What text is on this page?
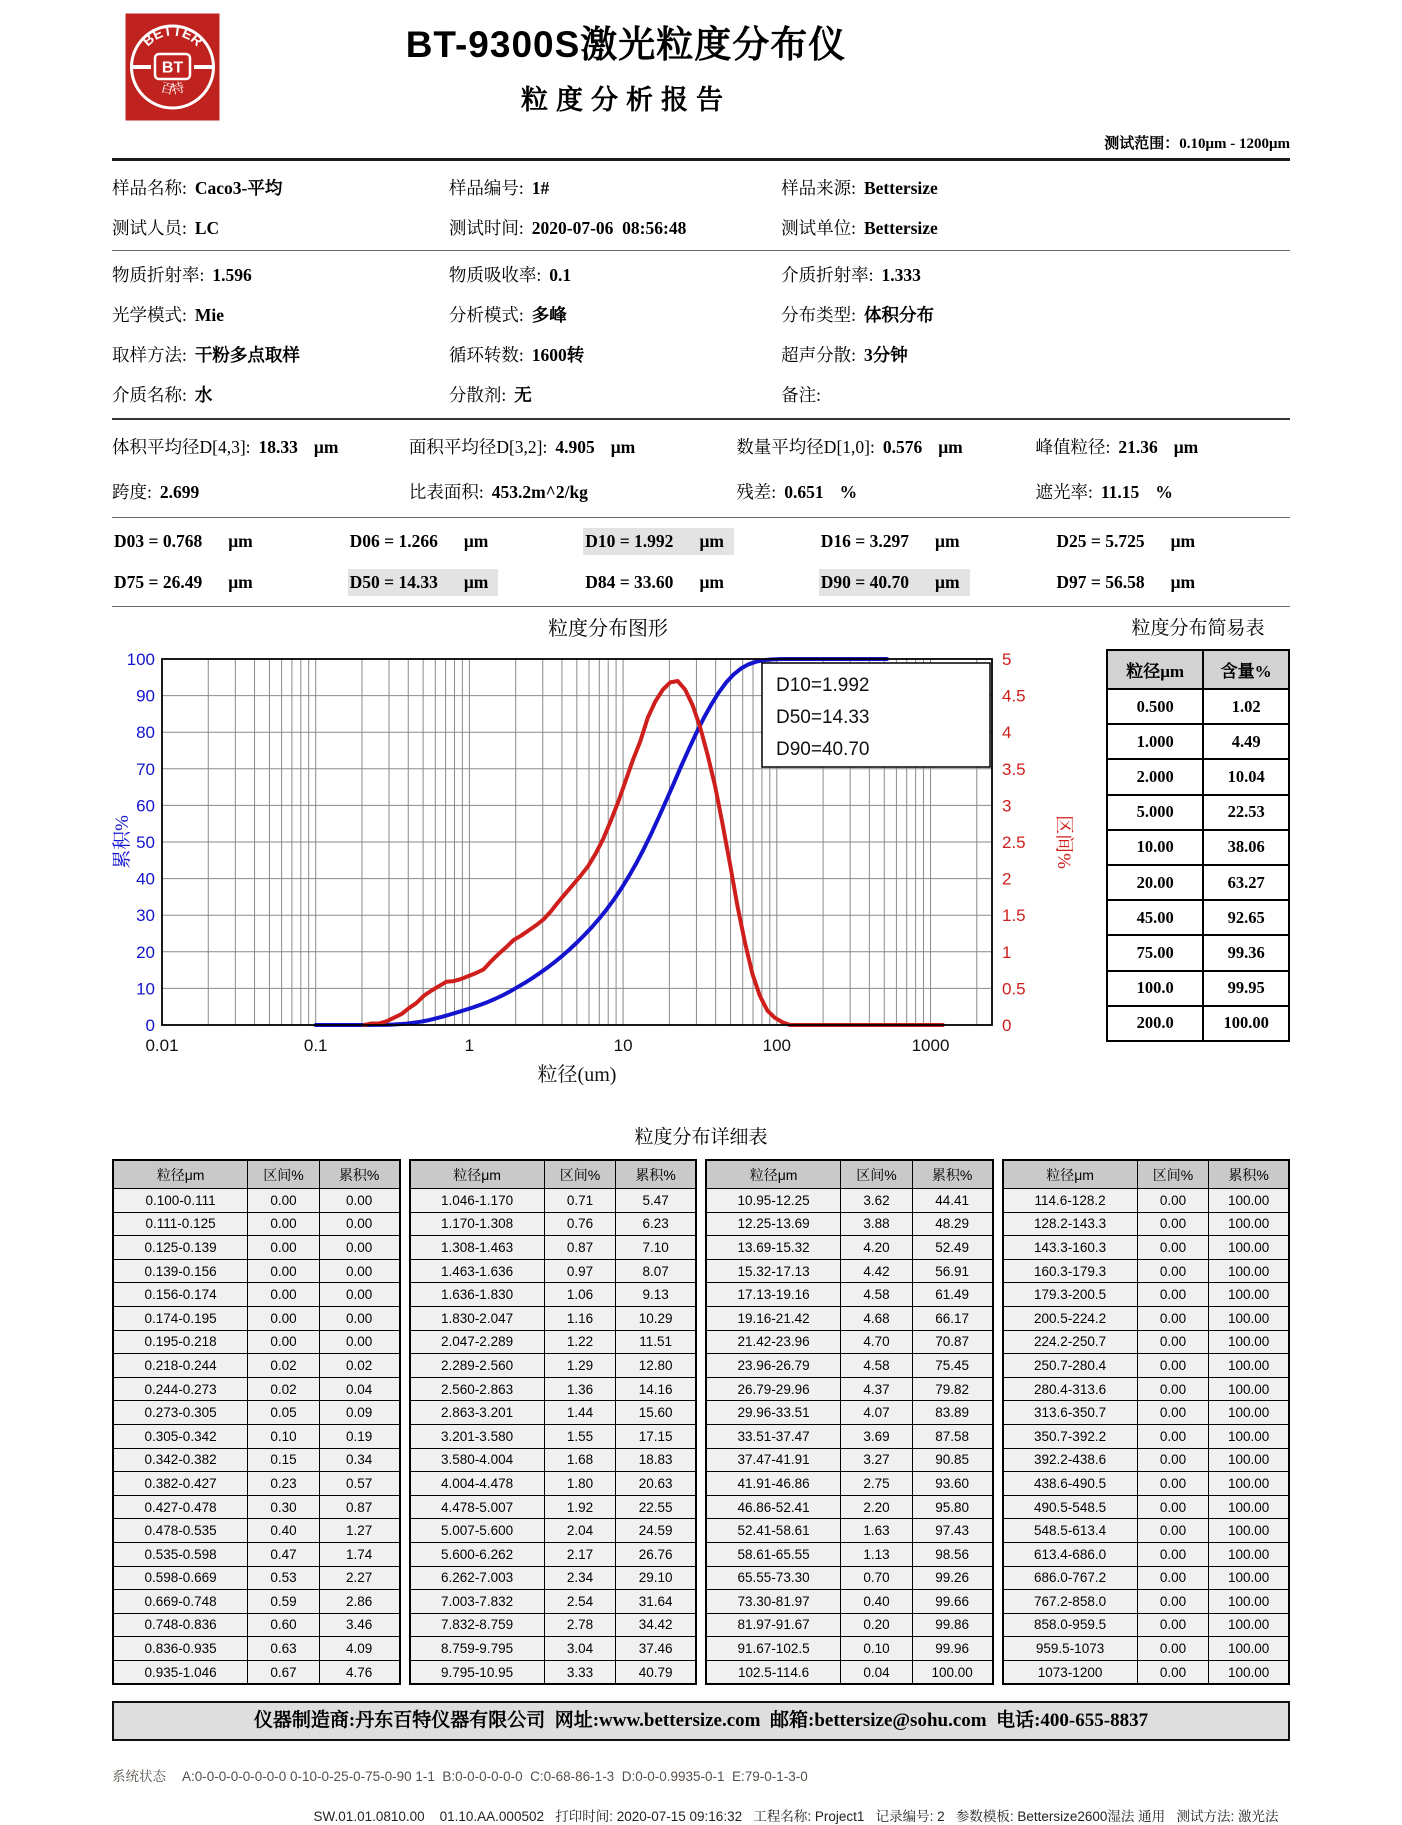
BETTER
百特
BT
BT-9300S激光粒度分布仪
粒度分析报告
测试范围：0.10μm - 1200μm
样品名称: Caco3-平均	样品编号: 1#	样品来源: Bettersize
测试人员: LC	测试时间: 2020-07-06  08:56:48	测试单位: Bettersize
物质折射率: 1.596	物质吸收率: 0.1	介质折射率: 1.333
光学模式: Mie	分析模式: 多峰	分布类型: 体积分布
取样方法: 干粉多点取样	循环转数: 1600转	超声分散: 3分钟
介质名称: 水	分散剂: 无	备注:
体积平均径D[4,3]: 18.33 μm	面积平均径D[3,2]: 4.905 μm	数量平均径D[1,0]: 0.576 μm	峰值粒径: 21.36 μm
跨度: 2.699	比表面积: 453.2m^2/kg	残差: 0.651 %	遮光率: 11.15 %
D03 = 0.768 μm	D06 = 1.266 μm	D10 = 1.992 μm	D16 = 3.297 μm	D25 = 5.725 μm
D75 = 26.49 μm	D50 = 14.33 μm	D84 = 33.60 μm	D90 = 40.70 μm	D97 = 56.58 μm
粒度分布图形
D10=1.992
D50=14.33
D90=40.70
0	0
10	0.5
20	1
30	1.5
40	2
50	2.5
60	3
70	3.5
80	4
90	4.5
100	5
0.01	0.1	1	10	100	1000
粒径(um)
累积%	区间%
粒度分布简易表
粒径μm	含量%
0.500	1.02
1.000	4.49
2.000	10.04
5.000	22.53
10.00	38.06
20.00	63.27
45.00	92.65
75.00	99.36
100.0	99.95
200.0	100.00
粒度分布详细表
粒径μm	区间%	累积%
0.100-0.111	0.00	0.00
0.111-0.125	0.00	0.00
0.125-0.139	0.00	0.00
0.139-0.156	0.00	0.00
0.156-0.174	0.00	0.00
0.174-0.195	0.00	0.00
0.195-0.218	0.00	0.00
0.218-0.244	0.02	0.02
0.244-0.273	0.02	0.04
0.273-0.305	0.05	0.09
0.305-0.342	0.10	0.19
0.342-0.382	0.15	0.34
0.382-0.427	0.23	0.57
0.427-0.478	0.30	0.87
0.478-0.535	0.40	1.27
0.535-0.598	0.47	1.74
0.598-0.669	0.53	2.27
0.669-0.748	0.59	2.86
0.748-0.836	0.60	3.46
0.836-0.935	0.63	4.09
0.935-1.046	0.67	4.76
粒径μm	区间%	累积%
1.046-1.170	0.71	5.47
1.170-1.308	0.76	6.23
1.308-1.463	0.87	7.10
1.463-1.636	0.97	8.07
1.636-1.830	1.06	9.13
1.830-2.047	1.16	10.29
2.047-2.289	1.22	11.51
2.289-2.560	1.29	12.80
2.560-2.863	1.36	14.16
2.863-3.201	1.44	15.60
3.201-3.580	1.55	17.15
3.580-4.004	1.68	18.83
4.004-4.478	1.80	20.63
4.478-5.007	1.92	22.55
5.007-5.600	2.04	24.59
5.600-6.262	2.17	26.76
6.262-7.003	2.34	29.10
7.003-7.832	2.54	31.64
7.832-8.759	2.78	34.42
8.759-9.795	3.04	37.46
9.795-10.95	3.33	40.79
粒径μm	区间%	累积%
10.95-12.25	3.62	44.41
12.25-13.69	3.88	48.29
13.69-15.32	4.20	52.49
15.32-17.13	4.42	56.91
17.13-19.16	4.58	61.49
19.16-21.42	4.68	66.17
21.42-23.96	4.70	70.87
23.96-26.79	4.58	75.45
26.79-29.96	4.37	79.82
29.96-33.51	4.07	83.89
33.51-37.47	3.69	87.58
37.47-41.91	3.27	90.85
41.91-46.86	2.75	93.60
46.86-52.41	2.20	95.80
52.41-58.61	1.63	97.43
58.61-65.55	1.13	98.56
65.55-73.30	0.70	99.26
73.30-81.97	0.40	99.66
81.97-91.67	0.20	99.86
91.67-102.5	0.10	99.96
102.5-114.6	0.04	100.00
粒径μm	区间%	累积%
114.6-128.2	0.00	100.00
128.2-143.3	0.00	100.00
143.3-160.3	0.00	100.00
160.3-179.3	0.00	100.00
179.3-200.5	0.00	100.00
200.5-224.2	0.00	100.00
224.2-250.7	0.00	100.00
250.7-280.4	0.00	100.00
280.4-313.6	0.00	100.00
313.6-350.7	0.00	100.00
350.7-392.2	0.00	100.00
392.2-438.6	0.00	100.00
438.6-490.5	0.00	100.00
490.5-548.5	0.00	100.00
548.5-613.4	0.00	100.00
613.4-686.0	0.00	100.00
686.0-767.2	0.00	100.00
767.2-858.0	0.00	100.00
858.0-959.5	0.00	100.00
959.5-1073	0.00	100.00
1073-1200	0.00	100.00
仪器制造商:丹东百特仪器有限公司  网址:www.bettersize.com  邮箱:bettersize@sohu.com  电话:400-655-8837
系统状态 A:0-0-0-0-0-0-0-0 0-10-0-25-0-75-0-90 1-1  B:0-0-0-0-0-0  C:0-68-86-1-3  D:0-0-0.9935-0-1  E:79-0-1-3-0
SW.01.01.0810.00    01.10.AA.000502   打印时间: 2020-07-15 09:16:32   工程名称: Project1   记录编号: 2   参数模板: Bettersize2600湿法 通用   测试方法: 激光法
